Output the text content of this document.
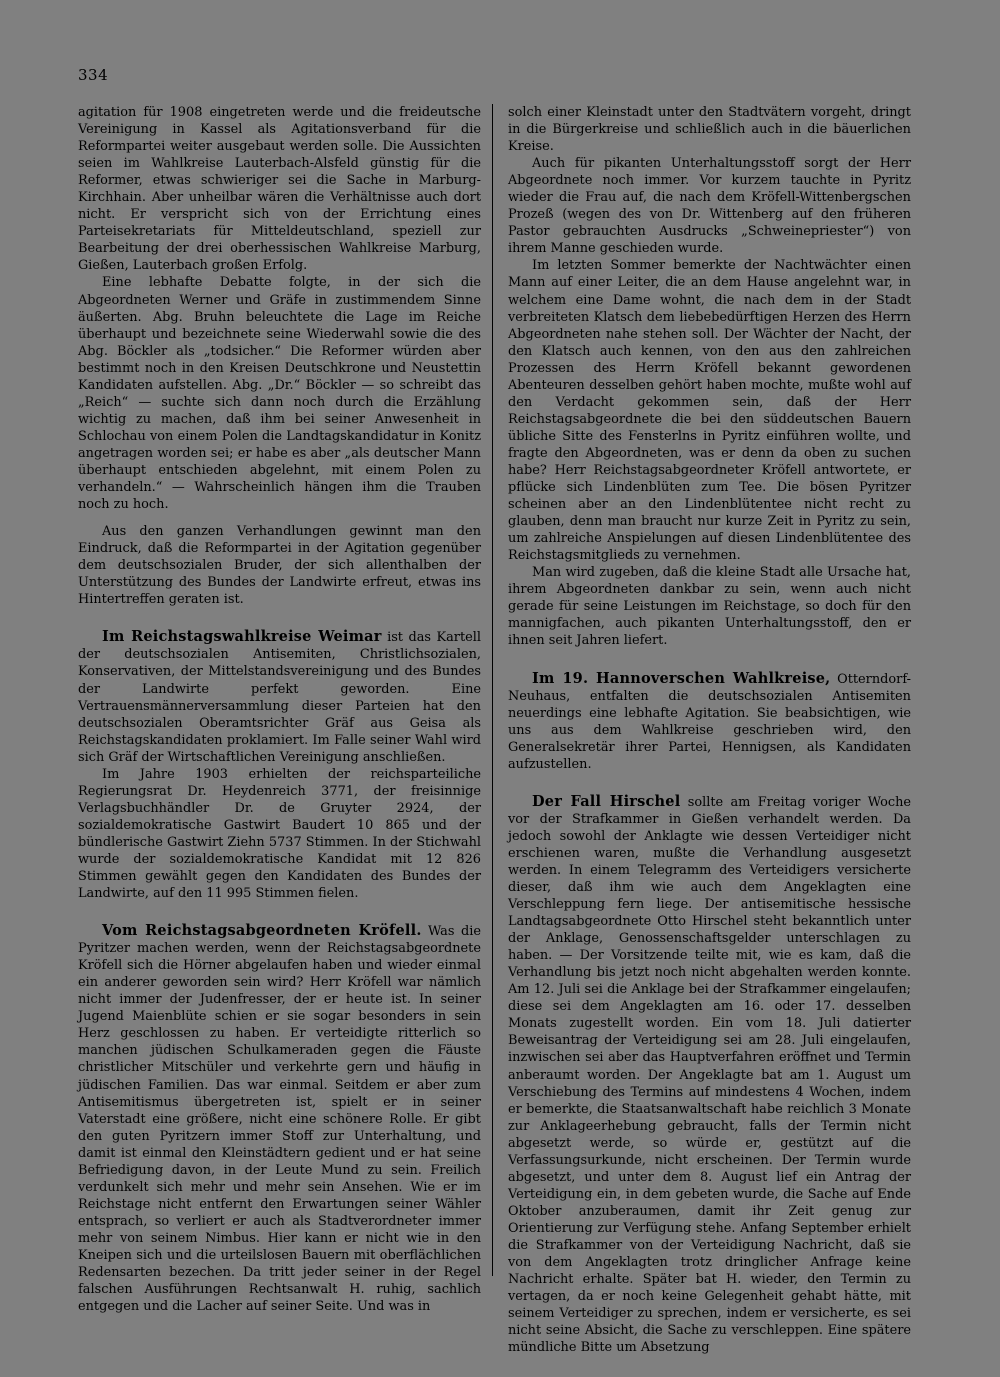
334

agitation für 1908 eingetreten werde und die freideutsche Vereinigung in Kassel als Agitationsverband für die Reformpartei weiter ausgebaut werden solle. Die Aussichten seien im Wahlkreise Lauterbach-Alsfeld günstig für die Reformer, etwas schwieriger sei die Sache in Marburg-Kirchhain. Aber unheilbar wären die Verhältnisse auch dort nicht. Er verspricht sich von der Errichtung eines Parteisekretariats für Mitteldeutschland, speziell zur Bearbeitung der drei oberhessischen Wahlkreise Marburg, Gießen, Lauterbach großen Erfolg.

Eine lebhafte Debatte folgte, in der sich die Abgeordneten Werner und Gräfe in zustimmendem Sinne äußerten. Abg. Bruhn beleuchtete die Lage im Reiche überhaupt und bezeichnete seine Wiederwahl sowie die des Abg. Böckler als „todsicher.“ Die Reformer würden aber bestimmt noch in den Kreisen Deutschkrone und Neustettin Kandidaten aufstellen. Abg. „Dr.“ Böckler — so schreibt das „Reich“ — suchte sich dann noch durch die Erzählung wichtig zu machen, daß ihm bei seiner Anwesenheit in Schlochau von einem Polen die Landtagskandidatur in Konitz angetragen worden sei; er habe es aber „als deutscher Mann überhaupt entschieden abgelehnt, mit einem Polen zu verhandeln.“ — Wahrscheinlich hängen ihm die Trauben noch zu hoch.

Aus den ganzen Verhandlungen gewinnt man den Eindruck, daß die Reformpartei in der Agitation gegenüber dem deutschsozialen Bruder, der sich allenthalben der Unterstützung des Bundes der Landwirte erfreut, etwas ins Hintertreffen geraten ist.

Im Reichstagswahlkreise Weimar ist das Kartell der deutschsozialen Antisemiten, Christlichsozialen, Konservativen, der Mittelstandsvereinigung und des Bundes der Landwirte perfekt geworden. Eine Vertrauensmännerversammlung dieser Parteien hat den deutschsozialen Oberamtsrichter Gräf aus Geisa als Reichstagskandidaten proklamiert. Im Falle seiner Wahl wird sich Gräf der Wirtschaftlichen Vereinigung anschließen.

Im Jahre 1903 erhielten der reichsparteiliche Regierungsrat Dr. Heydenreich 3771, der freisinnige Verlagsbuchhändler Dr. de Gruyter 2924, der sozialdemokratische Gastwirt Baudert 10 865 und der bündlerische Gastwirt Ziehn 5737 Stimmen. In der Stichwahl wurde der sozialdemokratische Kandidat mit 12 826 Stimmen gewählt gegen den Kandidaten des Bundes der Landwirte, auf den 11 995 Stimmen fielen.

Vom Reichstagsabgeordneten Kröfell. Was die Pyritzer machen werden, wenn der Reichstagsabgeordnete Kröfell sich die Hörner abgelaufen haben und wieder einmal ein anderer geworden sein wird? Herr Kröfell war nämlich nicht immer der Judenfresser, der er heute ist. In seiner Jugend Maienblüte schien er sie sogar besonders in sein Herz geschlossen zu haben. Er verteidigte ritterlich so manchen jüdischen Schulkameraden gegen die Fäuste christlicher Mitschüler und verkehrte gern und häufig in jüdischen Familien. Das war einmal. Seitdem er aber zum Antisemitismus übergetreten ist, spielt er in seiner Vaterstadt eine größere, nicht eine schönere Rolle. Er gibt den guten Pyritzern immer Stoff zur Unterhaltung, und damit ist einmal den Kleinstädtern gedient und er hat seine Befriedigung davon, in der Leute Mund zu sein. Freilich verdunkelt sich mehr und mehr sein Ansehen. Wie er im Reichstage nicht entfernt den Erwartungen seiner Wähler entsprach, so verliert er auch als Stadtverordneter immer mehr von seinem Nimbus. Hier kann er nicht wie in den Kneipen sich und die urteilslosen Bauern mit oberflächlichen Redensarten bezechen. Da tritt jeder seiner in der Regel falschen Ausführungen Rechtsanwalt H. ruhig, sachlich entgegen und die Lacher auf seiner Seite. Und was in

solch einer Kleinstadt unter den Stadtvätern vorgeht, dringt in die Bürgerkreise und schließlich auch in die bäuerlichen Kreise.

Auch für pikanten Unterhaltungsstoff sorgt der Herr Abgeordnete noch immer. Vor kurzem tauchte in Pyritz wieder die Frau auf, die nach dem Kröfell-Wittenbergschen Prozeß (wegen des von Dr. Wittenberg auf den früheren Pastor gebrauchten Ausdrucks „Schweinepriester“) von ihrem Manne geschieden wurde.

Im letzten Sommer bemerkte der Nachtwächter einen Mann auf einer Leiter, die an dem Hause angelehnt war, in welchem eine Dame wohnt, die nach dem in der Stadt verbreiteten Klatsch dem liebebedürftigen Herzen des Herrn Abgeordneten nahe stehen soll. Der Wächter der Nacht, der den Klatsch auch kennen, von den aus den zahlreichen Prozessen des Herrn Kröfell bekannt gewordenen Abenteuren desselben gehört haben mochte, mußte wohl auf den Verdacht gekommen sein, daß der Herr Reichstagsabgeordnete die bei den süddeutschen Bauern übliche Sitte des Fensterlns in Pyritz einführen wollte, und fragte den Abgeordneten, was er denn da oben zu suchen habe? Herr Reichstagsabgeordneter Kröfell antwortete, er pflücke sich Lindenblüten zum Tee. Die bösen Pyritzer scheinen aber an den Lindenblütentee nicht recht zu glauben, denn man braucht nur kurze Zeit in Pyritz zu sein, um zahlreiche Anspielungen auf diesen Lindenblütentee des Reichstagsmitglieds zu vernehmen.

Man wird zugeben, daß die kleine Stadt alle Ursache hat, ihrem Abgeordneten dankbar zu sein, wenn auch nicht gerade für seine Leistungen im Reichstage, so doch für den mannigfachen, auch pikanten Unterhaltungsstoff, den er ihnen seit Jahren liefert.

Im 19. Hannoverschen Wahlkreise, Otterndorf-Neuhaus, entfalten die deutschsozialen Antisemiten neuerdings eine lebhafte Agitation. Sie beabsichtigen, wie uns aus dem Wahlkreise geschrieben wird, den Generalsekretär ihrer Partei, Hennigsen, als Kandidaten aufzustellen.

Der Fall Hirschel sollte am Freitag voriger Woche vor der Strafkammer in Gießen verhandelt werden. Da jedoch sowohl der Anklagte wie dessen Verteidiger nicht erschienen waren, mußte die Verhandlung ausgesetzt werden. In einem Telegramm des Verteidigers versicherte dieser, daß ihm wie auch dem Angeklagten eine Verschleppung fern liege. Der antisemitische hessische Landtagsabgeordnete Otto Hirschel steht bekanntlich unter der Anklage, Genossenschaftsgelder unterschlagen zu haben. — Der Vorsitzende teilte mit, wie es kam, daß die Verhandlung bis jetzt noch nicht abgehalten werden konnte. Am 12. Juli sei die Anklage bei der Strafkammer eingelaufen; diese sei dem Angeklagten am 16. oder 17. desselben Monats zugestellt worden. Ein vom 18. Juli datierter Beweisantrag der Verteidigung sei am 28. Juli eingelaufen, inzwischen sei aber das Hauptverfahren eröffnet und Termin anberaumt worden. Der Angeklagte bat am 1. August um Verschiebung des Termins auf mindestens 4 Wochen, indem er bemerkte, die Staatsanwaltschaft habe reichlich 3 Monate zur Anklageerhebung gebraucht, falls der Termin nicht abgesetzt werde, so würde er, gestützt auf die Verfassungsurkunde, nicht erscheinen. Der Termin wurde abgesetzt, und unter dem 8. August lief ein Antrag der Verteidigung ein, in dem gebeten wurde, die Sache auf Ende Oktober anzuberaumen, damit ihr Zeit genug zur Orientierung zur Verfügung stehe. Anfang September erhielt die Strafkammer von der Verteidigung Nachricht, daß sie von dem Angeklagten trotz dringlicher Anfrage keine Nachricht erhalte. Später bat H. wieder, den Termin zu vertagen, da er noch keine Gelegenheit gehabt hätte, mit seinem Verteidiger zu sprechen, indem er versicherte, es sei nicht seine Absicht, die Sache zu verschleppen. Eine spätere mündliche Bitte um Absetzung
